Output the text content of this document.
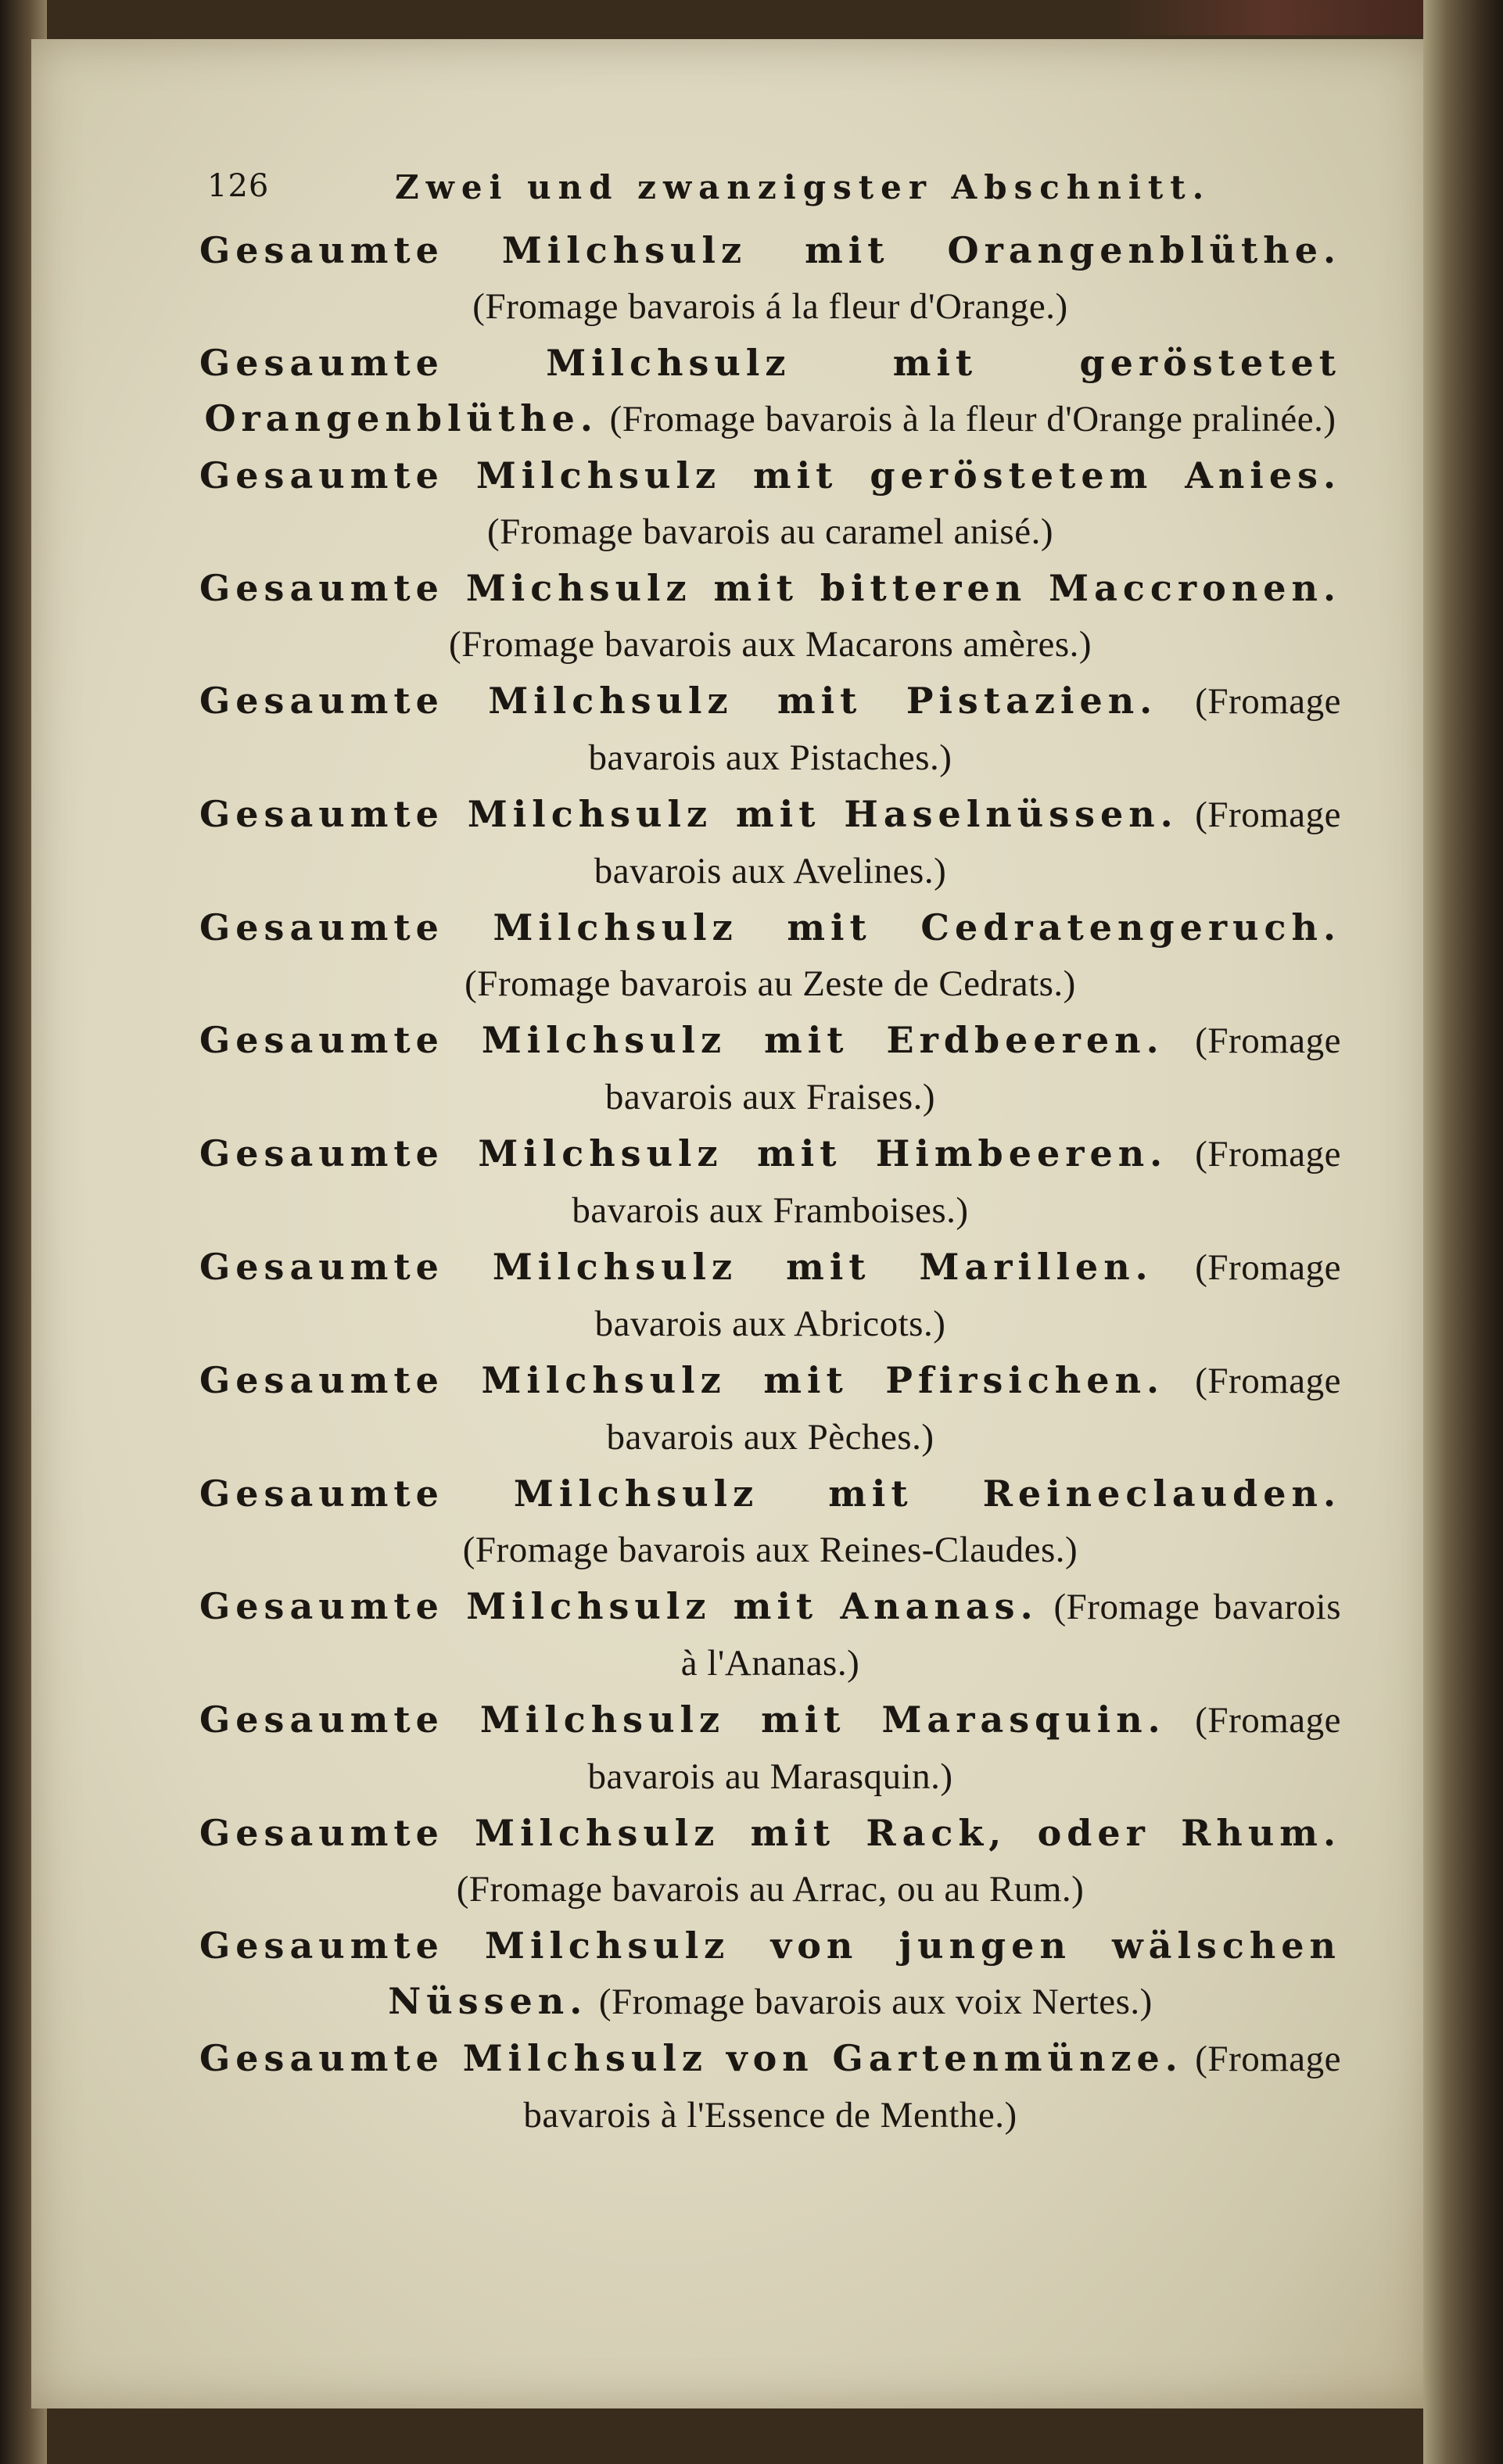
126	Zwei und zwanzigster Abschnitt.

Gesaumte Milchsulz mit Orangenblüthe. (Fromage bavarois á la fleur d'Orange.)

Gesaumte Milchsulz mit geröstetet Orangenblüthe. (Fromage bavarois à la fleur d'Orange pralinée.)

Gesaumte Milchsulz mit geröstetem Anies. (Fromage bavarois au caramel anisé.)

Gesaumte Michsulz mit bitteren Maccronen. (Fromage bavarois aux Macarons amères.)

Gesaumte Milchsulz mit Pistazien. (Fromage bavarois aux Pistaches.)

Gesaumte Milchsulz mit Haselnüssen. (Fromage bavarois aux Avelines.)

Gesaumte Milchsulz mit Cedratengeruch. (Fromage bavarois au Zeste de Cedrats.)

Gesaumte Milchsulz mit Erdbeeren. (Fromage bavarois aux Fraises.)

Gesaumte Milchsulz mit Himbeeren. (Fromage bavarois aux Framboises.)

Gesaumte Milchsulz mit Marillen. (Fromage bavarois aux Abricots.)

Gesaumte Milchsulz mit Pfirsichen. (Fromage bavarois aux Pèches.)

Gesaumte Milchsulz mit Reineclauden. (Fromage bavarois aux Reines-Claudes.)

Gesaumte Milchsulz mit Ananas. (Fromage bavarois à l'Ananas.)

Gesaumte Milchsulz mit Marasquin. (Fromage bavarois au Marasquin.)

Gesaumte Milchsulz mit Rack, oder Rhum. (Fromage bavarois au Arrac, ou au Rum.)

Gesaumte Milchsulz von jungen wälschen Nüssen. (Fromage bavarois aux voix Nertes.)

Gesaumte Milchsulz von Gartenmünze. (Fromage bavarois à l'Essence de Menthe.)
